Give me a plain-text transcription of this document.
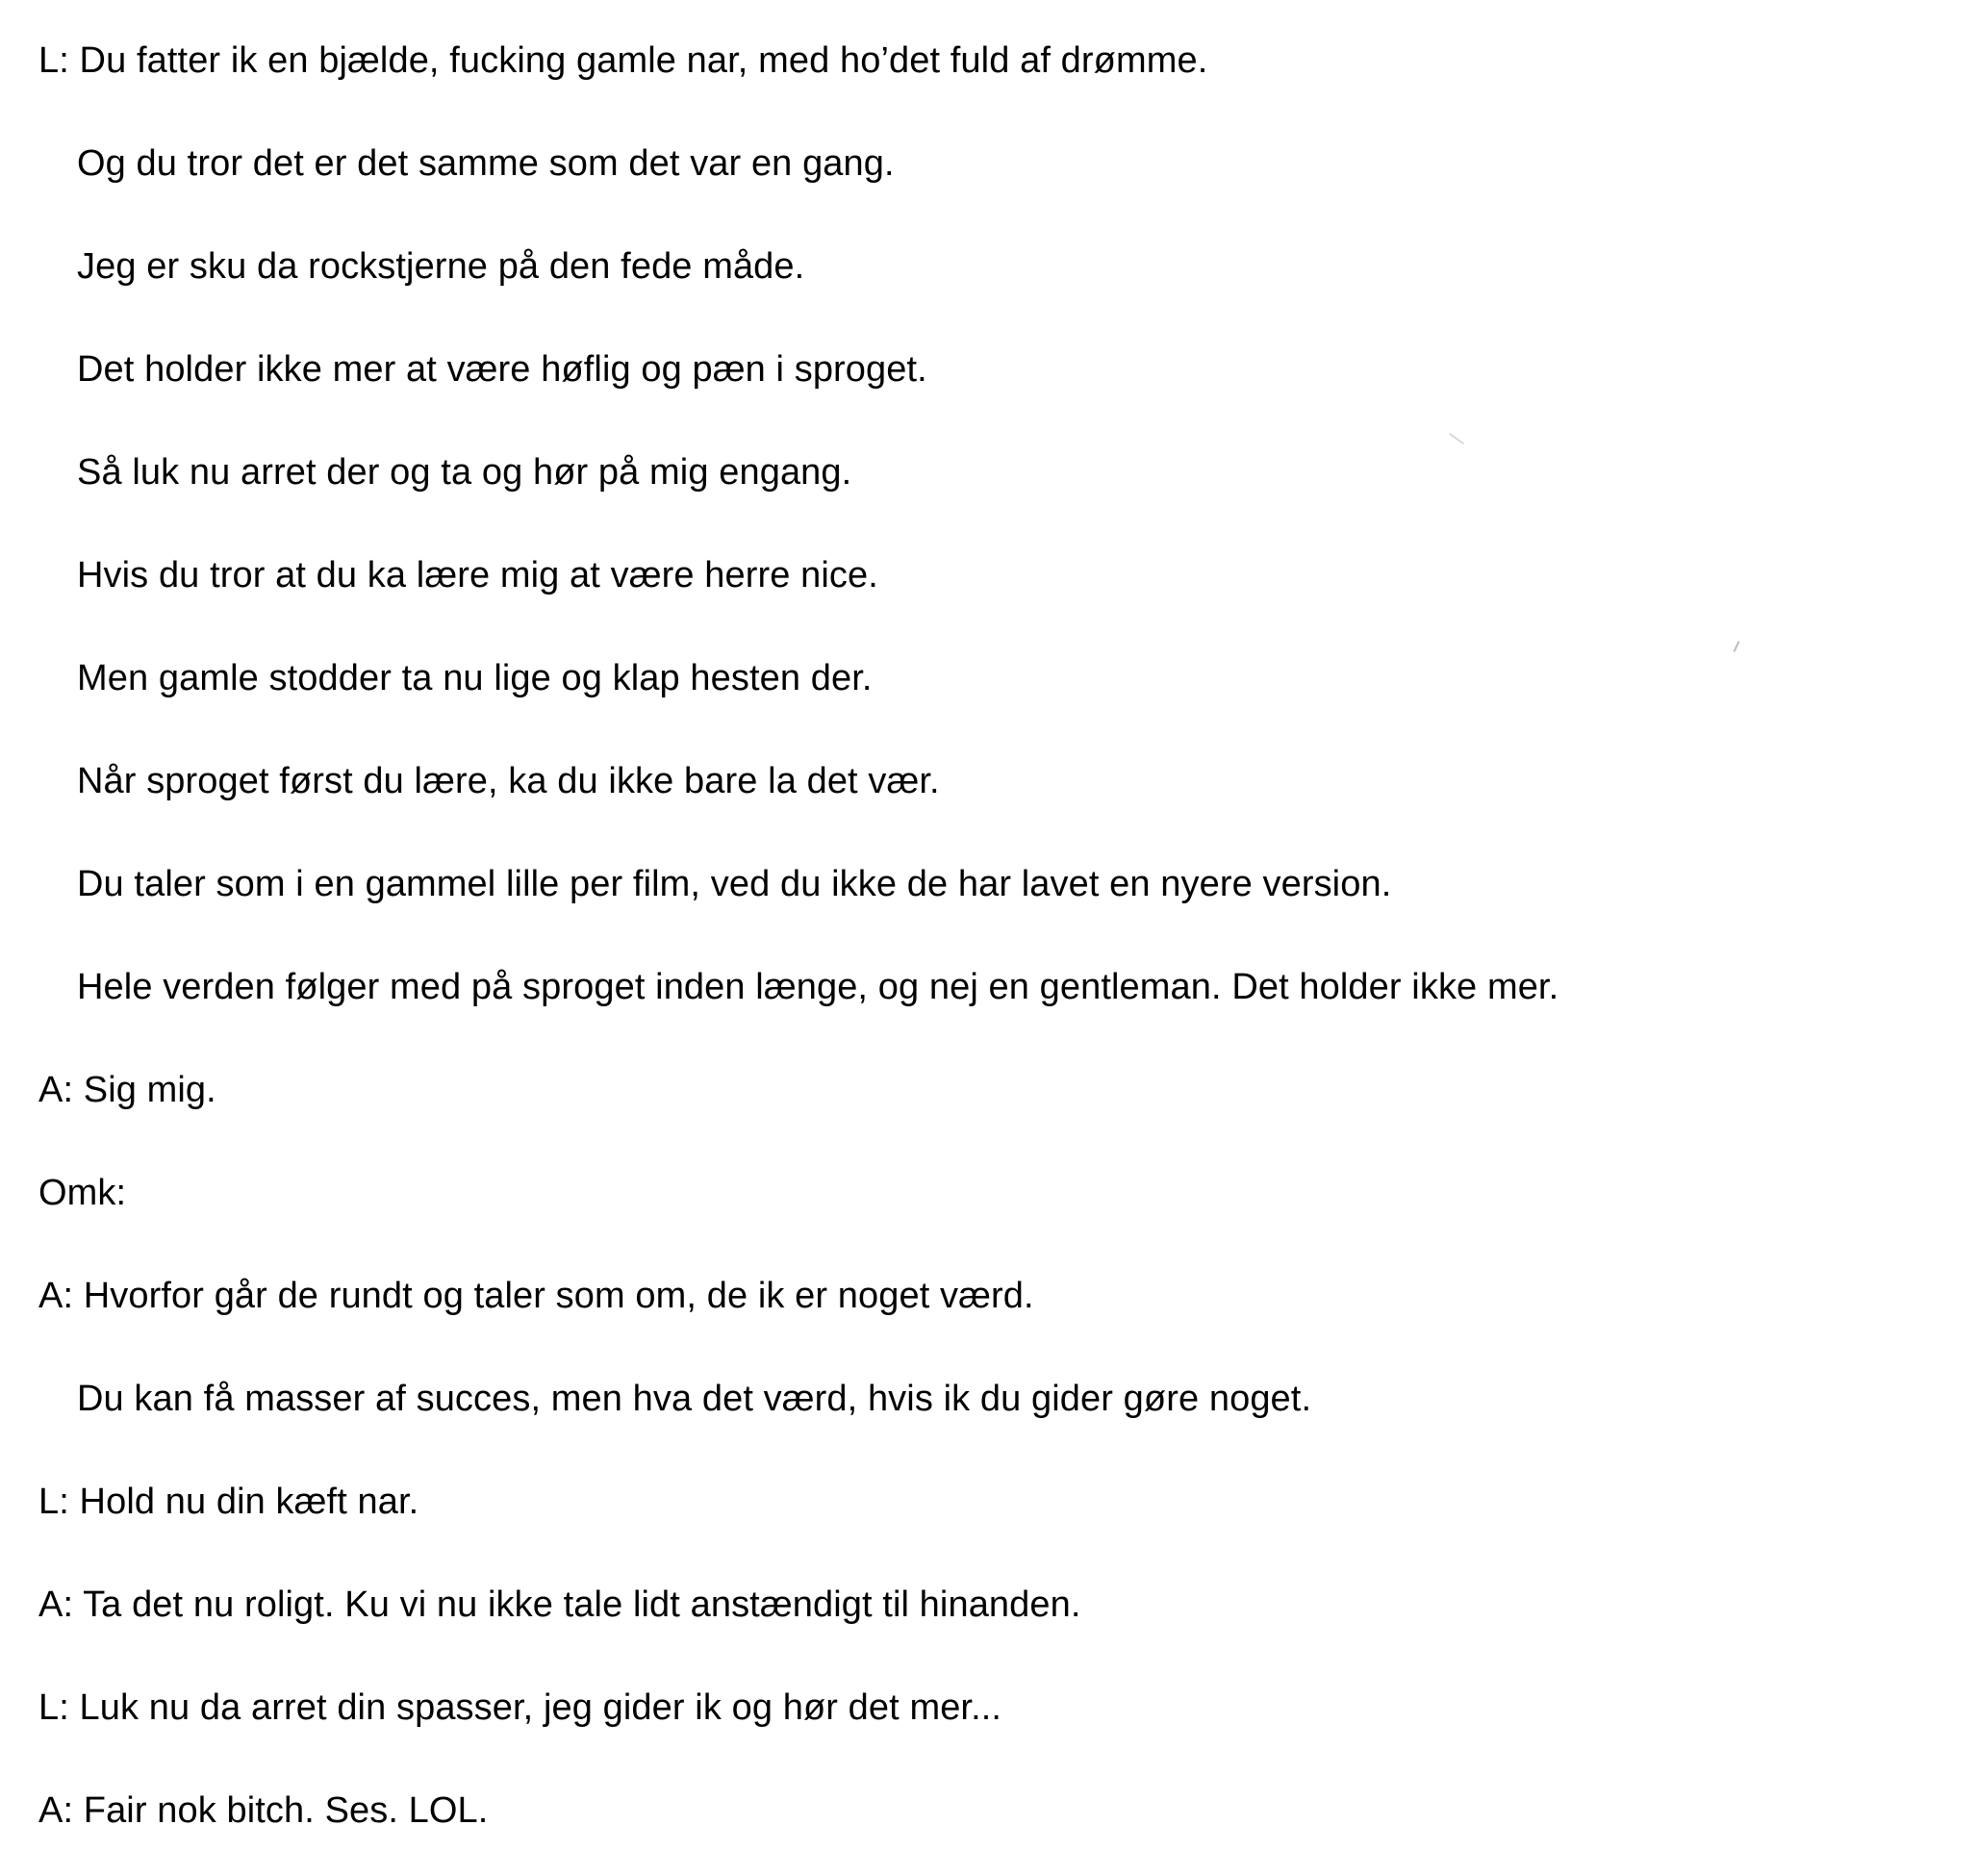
L: Du fatter ik en bjælde, fucking gamle nar, med ho’det fuld af drømme.
Og du tror det er det samme som det var en gang.
Jeg er sku da rockstjerne på den fede måde.
Det holder ikke mer at være høflig og pæn i sproget.
Så luk nu arret der og ta og hør på mig engang.
Hvis du tror at du ka lære mig at være herre nice.
Men gamle stodder ta nu lige og klap hesten der.
Når sproget først du lære, ka du ikke bare la det vær.
Du taler som i en gammel lille per film, ved du ikke de har lavet en nyere version.
Hele verden følger med på sproget inden længe, og nej en gentleman. Det holder ikke mer.
A: Sig mig.
Omk:
A: Hvorfor går de rundt og taler som om, de ik er noget værd.
Du kan få masser af succes, men hva det værd, hvis ik du gider gøre noget.
L: Hold nu din kæft nar.
A: Ta det nu roligt. Ku vi nu ikke tale lidt anstændigt til hinanden.
L: Luk nu da arret din spasser, jeg gider ik og hør det mer...
A: Fair nok bitch. Ses. LOL.
